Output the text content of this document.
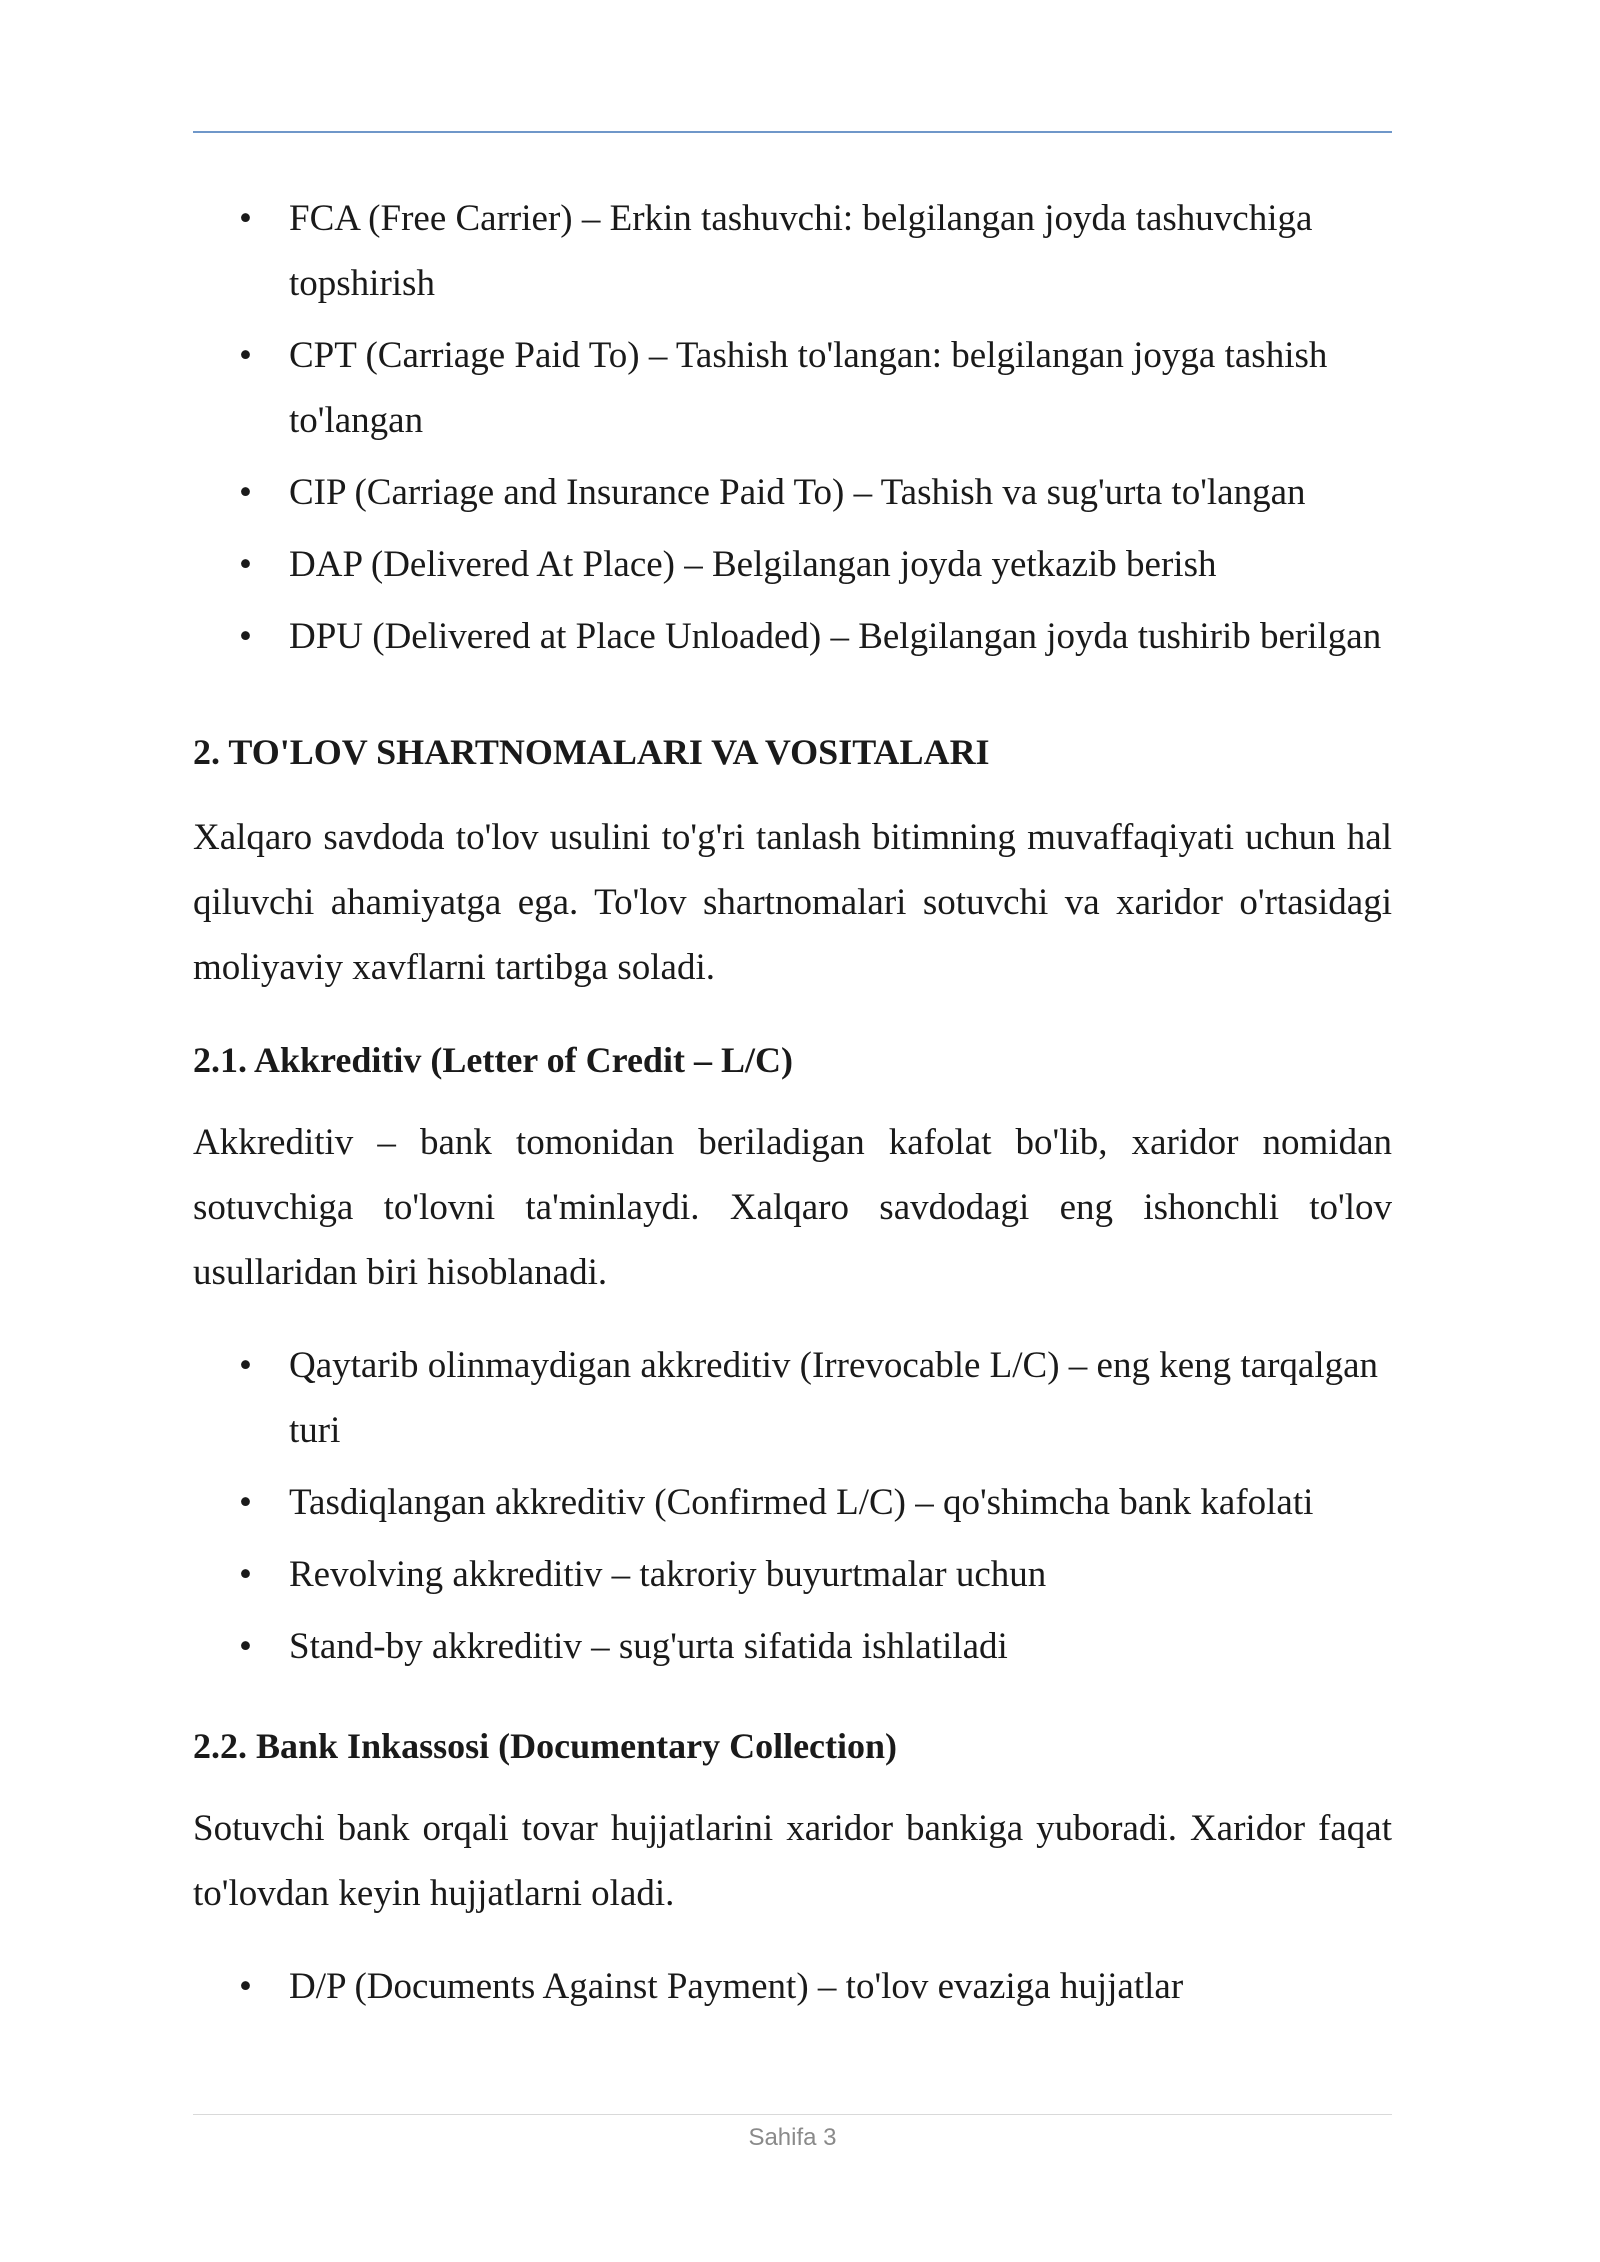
• FCA (Free Carrier) – Erkin tashuvchi: belgilangan joyda tashuvchiga topshirish
• CPT (Carriage Paid To) – Tashish to'langan: belgilangan joyga tashish to'langan
• CIP (Carriage and Insurance Paid To) – Tashish va sug'urta to'langan
• DAP (Delivered At Place) – Belgilangan joyda yetkazib berish
• DPU (Delivered at Place Unloaded) – Belgilangan joyda tushirib berilgan
2. TO'LOV SHARTNOMALARI VA VOSITALARI

Xalqaro savdoda to'lov usulini to'g'ri tanlash bitimning muvaffaqiyati uchun hal qiluvchi ahamiyatga ega. To'lov shartnomalari sotuvchi va xaridor o'rtasidagi moliyaviy xavflarni tartibga soladi.

2.1. Akkreditiv (Letter of Credit – L/C)

Akkreditiv – bank tomonidan beriladigan kafolat bo'lib, xaridor nomidan sotuvchiga to'lovni ta'minlaydi. Xalqaro savdodagi eng ishonchli to'lov usullaridan biri hisoblanadi.

• Qaytarib olinmaydigan akkreditiv (Irrevocable L/C) – eng keng tarqalgan turi
• Tasdiqlangan akkreditiv (Confirmed L/C) – qo'shimcha bank kafolati
• Revolving akkreditiv – takroriy buyurtmalar uchun
• Stand-by akkreditiv – sug'urta sifatida ishlatiladi
2.2. Bank Inkassosi (Documentary Collection)

Sotuvchi bank orqali tovar hujjatlarini xaridor bankiga yuboradi. Xaridor faqat to'lovdan keyin hujjatlarni oladi.

• D/P (Documents Against Payment) – to'lov evaziga hujjatlar
Sahifa 3
